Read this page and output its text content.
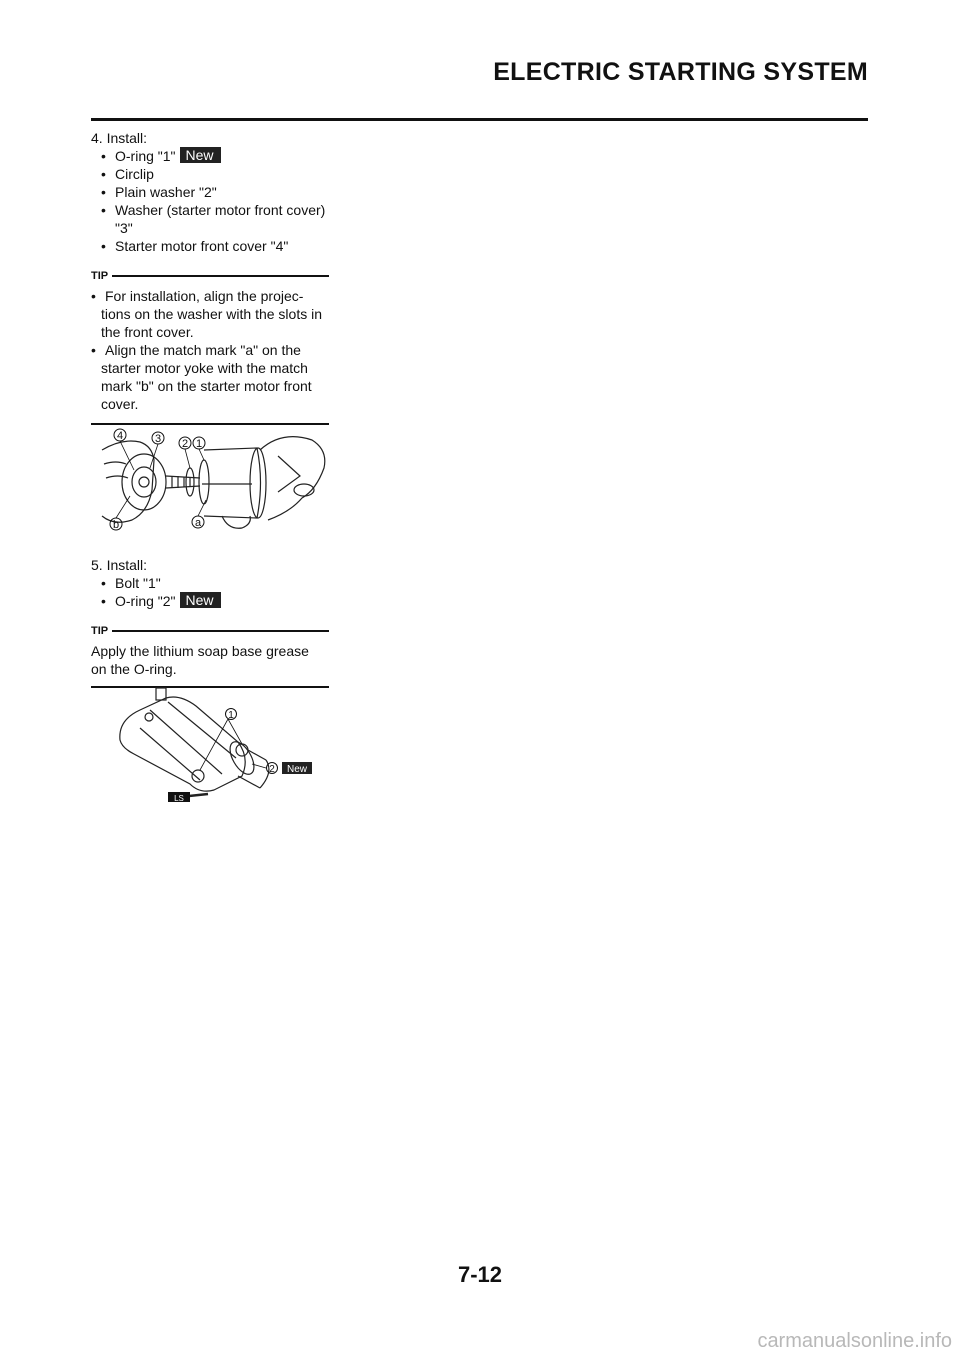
ELECTRIC STARTING SYSTEM

4. Install:

• O-ring "1" New

• Circlip

• Plain washer "2"

• Washer (starter motor front cover)

"3"

• Starter motor front cover "4"

TIP

• For installation, align the projec-

tions on the washer with the slots in

the front cover.

• Align the match mark "a" on the

starter motor yoke with the match

mark "b" on the starter motor front

cover.

4	3 2 1
b	a

5. Install:

• Bolt "1"

• O-ring "2" New

TIP

Apply the lithium soap base grease

on the O-ring.

LS
1
2 New
7-12
carmanualsonline.info
